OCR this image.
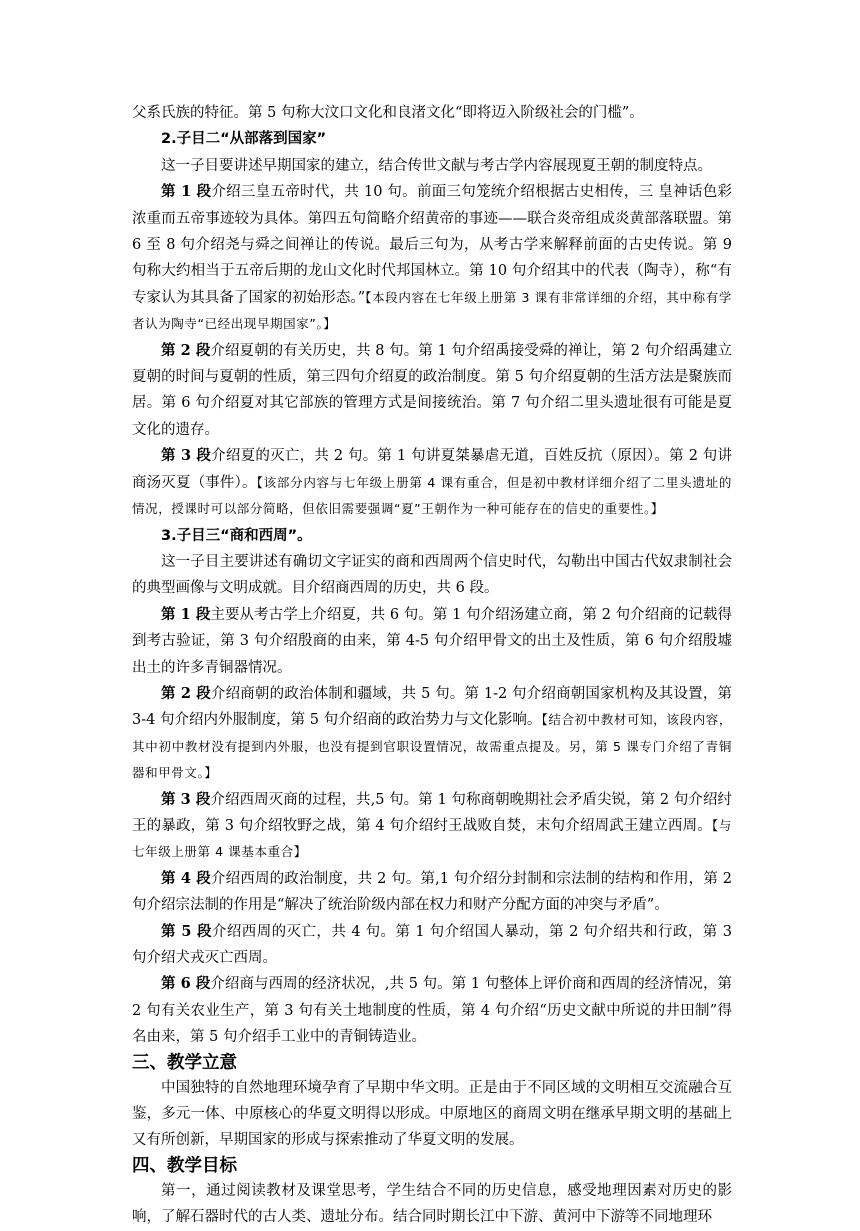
父系氏族的特征。第 5 句称大汶口文化和良渚文化“即将迈入阶级社会的门槛”。

2.子目二“从部落到国家”

这一子目要讲述早期国家的建立，结合传世文献与考古学内容展现夏王朝的制度特点。

第 1 段介绍三皇五帝时代，共 10 句。前面三句笼统介绍根据古史相传，三 皇神话色彩浓重而五帝事迹较为具体。第四五句简略介绍黄帝的事迹——联合炎帝组成炎黄部落联盟。第 6 至 8 句介绍尧与舜之间禅让的传说。最后三句为，从考古学来解释前面的古史传说。第 9 句称大约相当于五帝后期的龙山文化时代邦国林立。第 10 句介绍其中的代表（陶寺），称“有专家认为其具备了国家的初始形态。”【本段内容在七年级上册第 3 课有非常详细的介绍，其中称有学者认为陶寺“已经出现早期国家”。】

第 2 段介绍夏朝的有关历史，共 8 句。第 1 句介绍禹接受舜的禅让，第 2 句介绍禹建立夏朝的时间与夏朝的性质，第三四句介绍夏的政治制度。第 5 句介绍夏朝的生活方法是聚族而居。第 6 句介绍夏对其它部族的管理方式是间接统治。第 7 句介绍二里头遗址很有可能是夏文化的遗存。

第 3 段介绍夏的灭亡，共 2 句。第 1 句讲夏桀暴虐无道，百姓反抗（原因）。第 2 句讲商汤灭夏（事件）。【该部分内容与七年级上册第 4 课有重合，但是初中教材详细介绍了二里头遗址的情况，授课时可以部分简略，但依旧需要强调“夏”王朝作为一种可能存在的信史的重要性。】

3.子目三“商和西周”。

这一子目主要讲述有确切文字证实的商和西周两个信史时代，勾勒出中国古代奴隶制社会的典型画像与文明成就。目介绍商西周的历史，共 6 段。

第 1 段主要从考古学上介绍夏，共 6 句。第 1 句介绍汤建立商，第 2 句介绍商的记载得到考古验证，第 3 句介绍殷商的由来，第 4-5 句介绍甲骨文的出土及性质，第 6 句介绍殷墟出土的许多青铜器情况。

第 2 段介绍商朝的政治体制和疆域，共 5 句。第 1-2 句介绍商朝国家机构及其设置，第 3-4 句介绍内外服制度，第 5 句介绍商的政治势力与文化影响。【结合初中教材可知，该段内容，其中初中教材没有提到内外服，也没有提到官职设置情况，故需重点提及。另，第 5 课专门介绍了青铜器和甲骨文。】

第 3 段介绍西周灭商的过程，共,5 句。第 1 句称商朝晚期社会矛盾尖锐，第 2 句介绍纣王的暴政，第 3 句介绍牧野之战，第 4 句介绍纣王战败自焚，末句介绍周武王建立西周。【与七年级上册第 4 课基本重合】

第 4 段介绍西周的政治制度，共 2 句。第,1 句介绍分封制和宗法制的结构和作用，第 2 句介绍宗法制的作用是“解决了统治阶级内部在权力和财产分配方面的冲突与矛盾”。

第 5 段介绍西周的灭亡，共 4 句。第 1 句介绍国人暴动，第 2 句介绍共和行政，第 3 句介绍犬戎灭亡西周。

第 6 段介绍商与西周的经济状况，,共 5 句。第 1 句整体上评价商和西周的经济情况，第 2 句有关农业生产，第 3 句有关土地制度的性质，第 4 句介绍“历史文献中所说的井田制”得名由来，第 5 句介绍手工业中的青铜铸造业。

三、教学立意

中国独特的自然地理环境孕育了早期中华文明。正是由于不同区域的文明相互交流融合互鉴，多元一体、中原核心的华夏文明得以形成。中原地区的商周文明在继承早期文明的基础上又有所创新，早期国家的形成与探索推动了华夏文明的发展。

四、教学目标

第一，通过阅读教材及课堂思考，学生结合不同的历史信息，感受地理因素对历史的影响，了解石器时代的古人类、遗址分布。结合同时期长江中下游、黄河中下游等不同地理环
